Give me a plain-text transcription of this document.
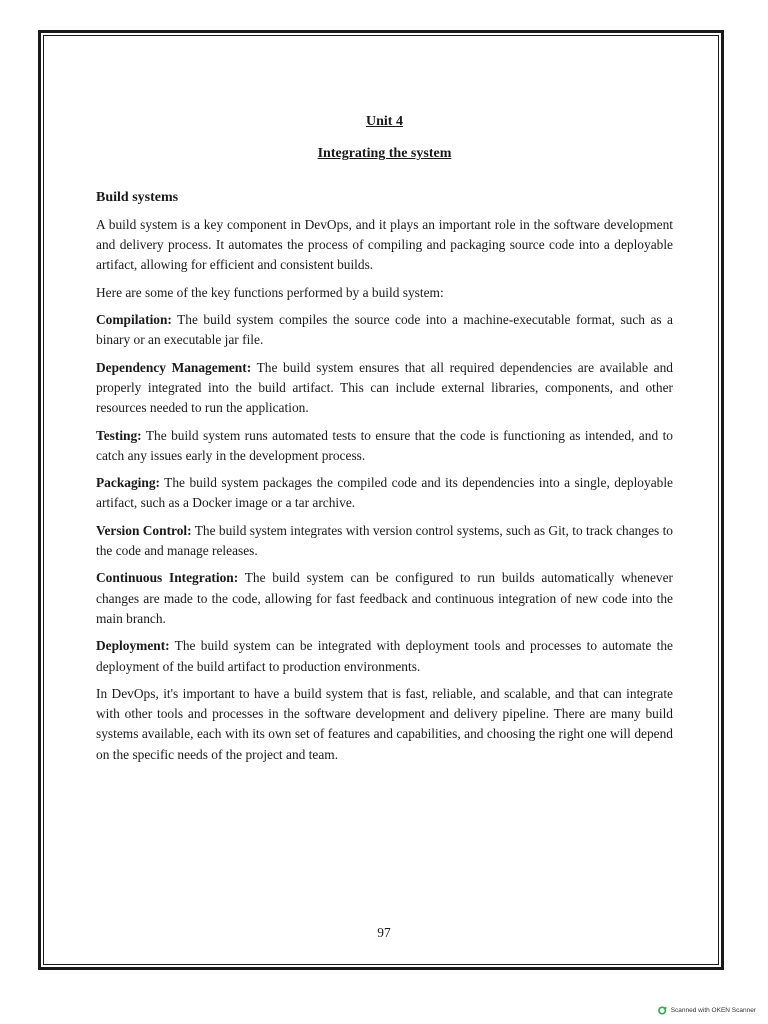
Unit 4
Integrating the system
Build systems

A build system is a key component in DevOps, and it plays an important role in the software development and delivery process. It automates the process of compiling and packaging source code into a deployable artifact, allowing for efficient and consistent builds.

Here are some of the key functions performed by a build system:

Compilation: The build system compiles the source code into a machine-executable format, such as a binary or an executable jar file.

Dependency Management: The build system ensures that all required dependencies are available and properly integrated into the build artifact. This can include external libraries, components, and other resources needed to run the application.

Testing: The build system runs automated tests to ensure that the code is functioning as intended, and to catch any issues early in the development process.

Packaging: The build system packages the compiled code and its dependencies into a single, deployable artifact, such as a Docker image or a tar archive.

Version Control: The build system integrates with version control systems, such as Git, to track changes to the code and manage releases.

Continuous Integration: The build system can be configured to run builds automatically whenever changes are made to the code, allowing for fast feedback and continuous integration of new code into the main branch.

Deployment: The build system can be integrated with deployment tools and processes to automate the deployment of the build artifact to production environments.

In DevOps, it's important to have a build system that is fast, reliable, and scalable, and that can integrate with other tools and processes in the software development and delivery pipeline. There are many build systems available, each with its own set of features and capabilities, and choosing the right one will depend on the specific needs of the project and team.

97
Scanned with OKEN Scanner
